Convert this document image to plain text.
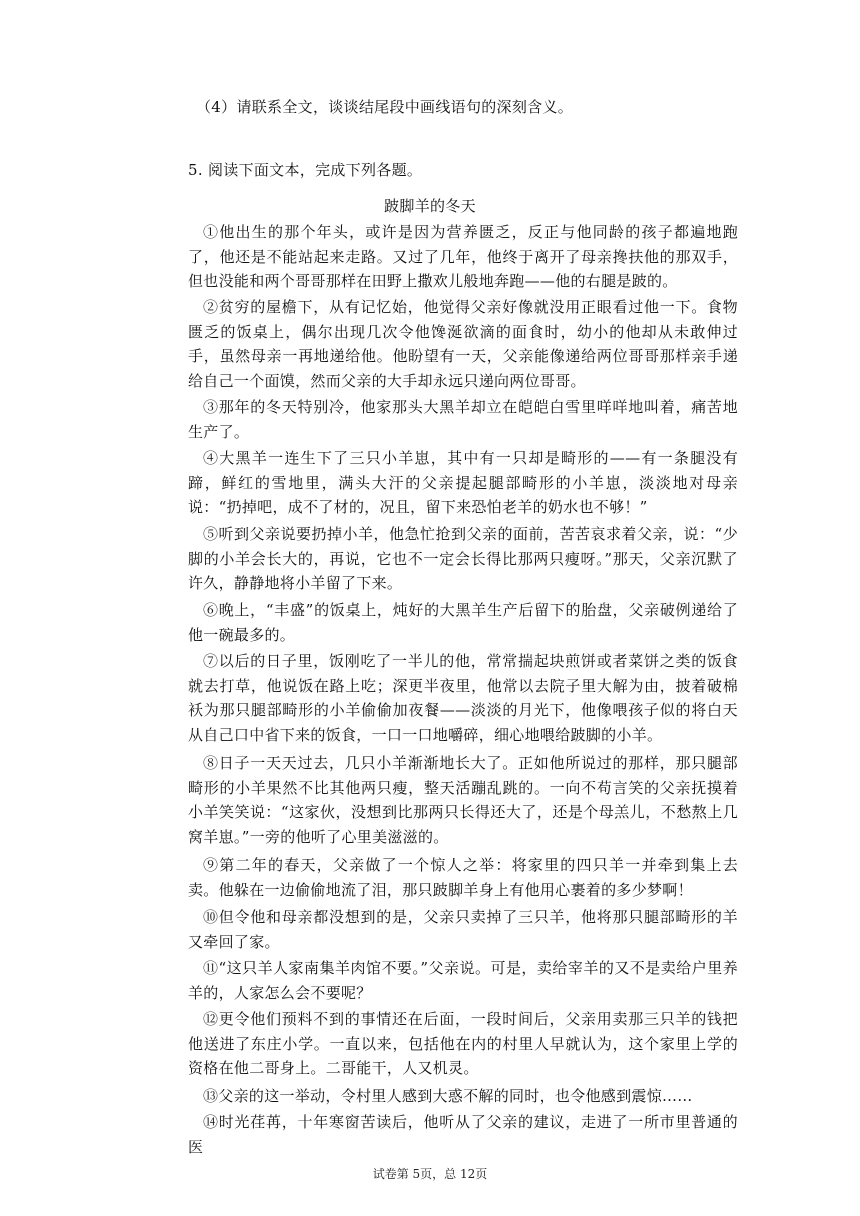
（4）请联系全文，谈谈结尾段中画线语句的深刻含义。
5. 阅读下面文本，完成下列各题。
跛脚羊的冬天

①他出生的那个年头，或许是因为营养匮乏，反正与他同龄的孩子都遍地跑了，他还是不能站起来走路。又过了几年，他终于离开了母亲搀扶他的那双手，但也没能和两个哥哥那样在田野上撒欢儿般地奔跑——他的右腿是跛的。

②贫穷的屋檐下，从有记忆始，他觉得父亲好像就没用正眼看过他一下。食物匮乏的饭桌上，偶尔出现几次令他馋涎欲滴的面食时，幼小的他却从未敢伸过手，虽然母亲一再地递给他。他盼望有一天，父亲能像递给两位哥哥那样亲手递给自己一个面馍，然而父亲的大手却永远只递向两位哥哥。

③那年的冬天特别冷，他家那头大黑羊却立在皑皑白雪里咩咩地叫着，痛苦地生产了。

④大黑羊一连生下了三只小羊崽，其中有一只却是畸形的——有一条腿没有蹄，鲜红的雪地里，满头大汗的父亲提起腿部畸形的小羊崽，淡淡地对母亲说：“扔掉吧，成不了材的，况且，留下来恐怕老羊的奶水也不够！”

⑤听到父亲说要扔掉小羊，他急忙抢到父亲的面前，苦苦哀求着父亲，说：“少脚的小羊会长大的，再说，它也不一定会长得比那两只瘦呀。”那天，父亲沉默了许久，静静地将小羊留了下来。

⑥晚上，“丰盛”的饭桌上，炖好的大黑羊生产后留下的胎盘，父亲破例递给了他一碗最多的。

⑦以后的日子里，饭刚吃了一半儿的他，常常揣起块煎饼或者菜饼之类的饭食就去打草，他说饭在路上吃；深更半夜里，他常以去院子里大解为由，披着破棉袄为那只腿部畸形的小羊偷偷加夜餐——淡淡的月光下，他像喂孩子似的将白天从自己口中省下来的饭食，一口一口地嚼碎，细心地喂给跛脚的小羊。

⑧日子一天天过去，几只小羊渐渐地长大了。正如他所说过的那样，那只腿部畸形的小羊果然不比其他两只瘦，整天活蹦乱跳的。一向不苟言笑的父亲抚摸着小羊笑笑说：“这家伙，没想到比那两只长得还大了，还是个母羔儿，不愁熬上几窝羊崽。”一旁的他听了心里美滋滋的。

⑨第二年的春天，父亲做了一个惊人之举：将家里的四只羊一并牵到集上去卖。他躲在一边偷偷地流了泪，那只跛脚羊身上有他用心裹着的多少梦啊！

⑩但令他和母亲都没想到的是，父亲只卖掉了三只羊，他将那只腿部畸形的羊又牵回了家。

⑪“这只羊人家南集羊肉馆不要。”父亲说。可是，卖给宰羊的又不是卖给户里养羊的，人家怎么会不要呢？

⑫更令他们预料不到的事情还在后面，一段时间后，父亲用卖那三只羊的钱把他送进了东庄小学。一直以来，包括他在内的村里人早就认为，这个家里上学的资格在他二哥身上。二哥能干，人又机灵。

⑬父亲的这一举动，令村里人感到大惑不解的同时，也令他感到震惊……

⑭时光荏苒，十年寒窗苦读后，他听从了父亲的建议，走进了一所市里普通的医

试卷第 5页，总 12页
